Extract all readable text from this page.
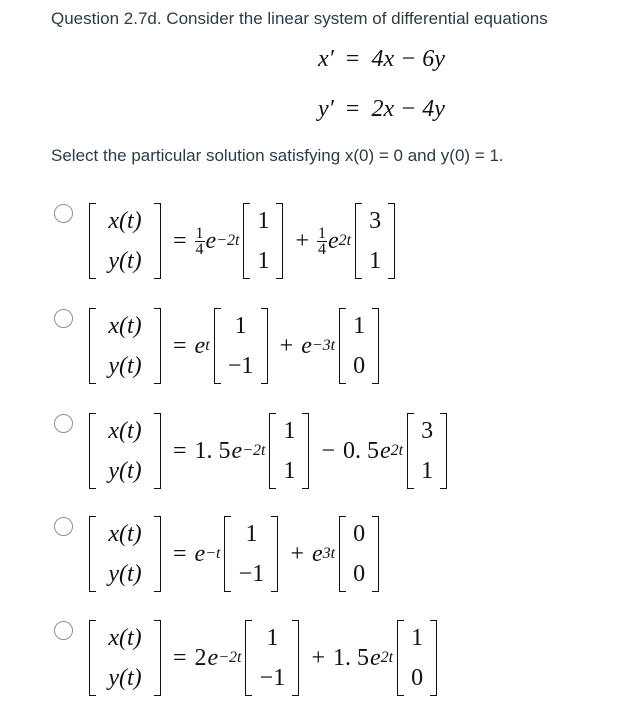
Question 2.7d. Consider the linear system of differential equations
x′ = 4x − 6y
y′ = 2x − 4y
Select the particular solution satisfying x(0) = 0 and y(0) = 1.
x(t)
y(t)
= $\frac{1}{4}$ e −2t
1
1
+ $\frac{1}{4}$ e 2t
3
1
x(t)
y(t)
= e t
1
−1
+ e −3t
1
0
x(t)
y(t)
= 1. 5 e −2t
1
1
− 0. 5 e 2t
3
1
x(t)
y(t)
= e −t
1
−1
+ e 3t
0
0
x(t)
y(t)
= 2 e −2t
1
−1
+ 1. 5 e 2t
1
0
